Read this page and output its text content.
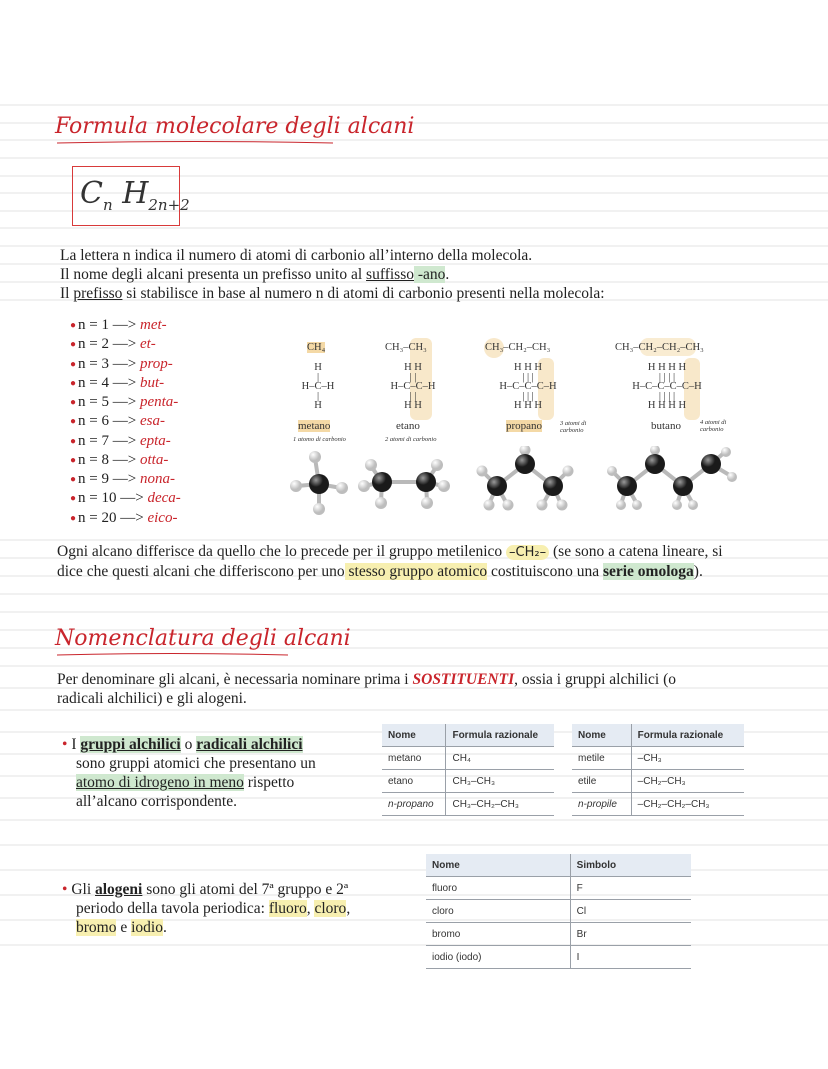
Formula molecolare degli alcani
$C_n$ $H_{2n+2}$
La lettera n indica il numero di atomi di carbonio all’interno della molecola.
Il nome degli alcani presenta un prefisso unito al suffisso -ano.
Il prefisso si stabilisce in base al numero n di atomi di carbonio presenti nella molecola:
● n = 1 —> met-
● n = 2 —> et-
● n = 3 —> prop-
● n = 4 —> but-
● n = 5 —> penta-
● n = 6 —> esa-
● n = 7 —> epta-
● n = 8 —> otta-
● n = 9 —> nona-
● n = 10 —> deca-
● n = 20 —> eico-
CH₄
H
|
H–C–H
|
H
metano
1 atomo di carbonio
CH₃–CH₃
H H
| |
H–C–C–H
| |
H H
etano
2 atomi di carbonio
CH₃–CH₂–CH₃
H H H
| | |
H–C–C–C–H
| | |
H H H
propano	3 atomi di carbonio
CH₃–CH₂–CH₂–CH₃
H H H H
| | | |
H–C–C–C–C–H
| | | |
H H H H
butano	4 atomi di carbonio
Ogni alcano differisce da quello che lo precede per il gruppo metilenico –CH₂– (se sono a catena lineare, si
dice che questi alcani che differiscono per uno stesso gruppo atomico costituiscono una serie omologa).
Nomenclatura degli alcani
Per denominare gli alcani, è necessaria nominare prima i SOSTITUENTI, ossia i gruppi alchilici (o
radicali alchilici) e gli alogeni.
• I gruppi alchilici o radicali alchilici
sono gruppi atomici che presentano un
atomo di idrogeno in meno rispetto
all’alcano corrispondente.
Nome	Formula razionale
metano	CH₄
etano	CH₃–CH₃
n-propano	CH₃–CH₂–CH₃
Nome	Formula razionale
metile	–CH₃
etile	–CH₂–CH₃
n-propile	–CH₂–CH₂–CH₃
• Gli alogeni sono gli atomi del 7ª gruppo e 2ª
periodo della tavola periodica: fluoro, cloro,
bromo e iodio.
Nome	Simbolo
fluoro	F
cloro	Cl
bromo	Br
iodio (iodo)	I
